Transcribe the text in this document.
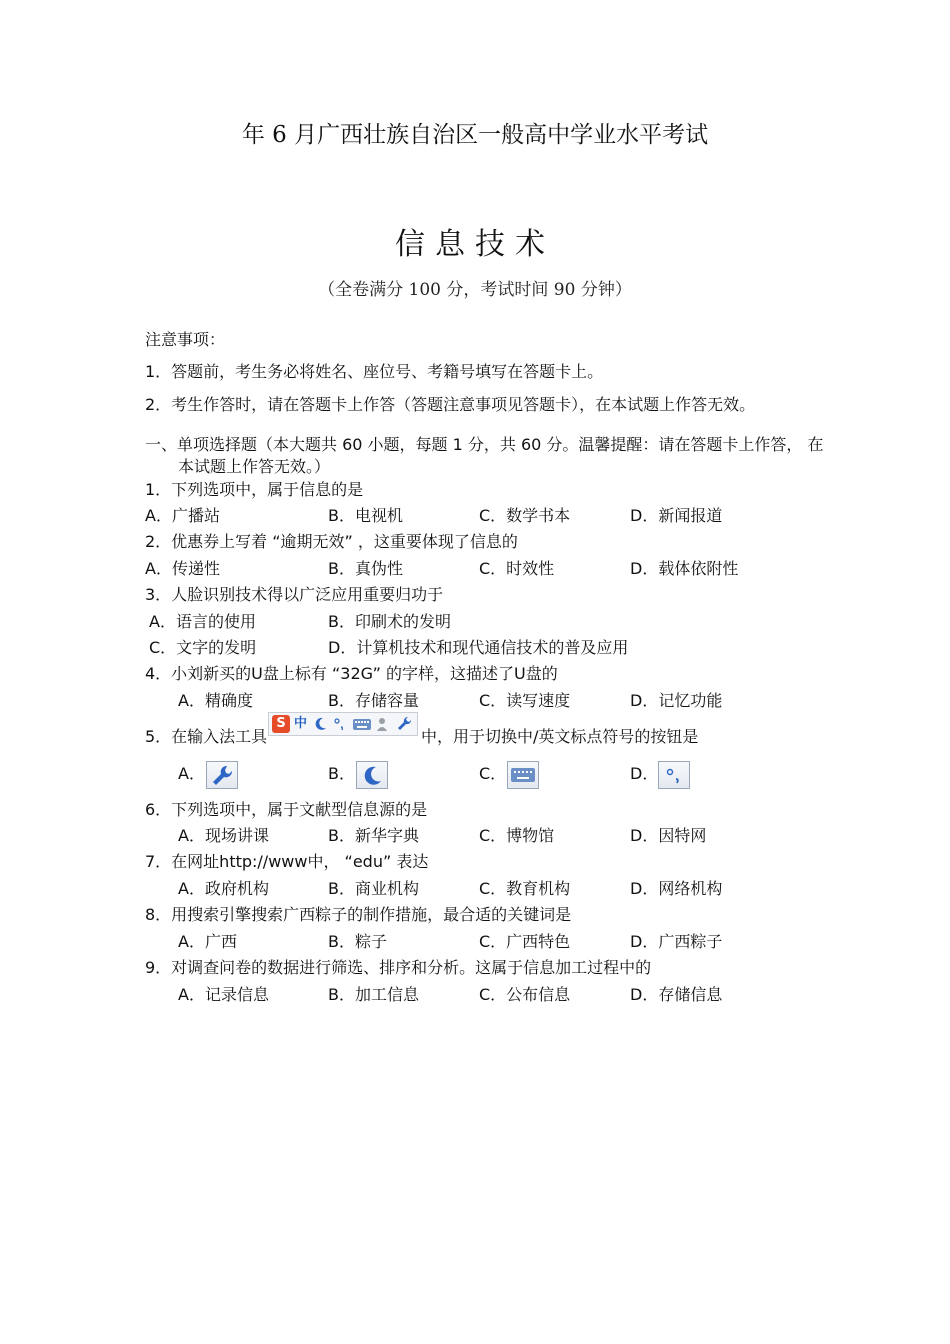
年 6 月广西壮族自治区一般高中学业水平考试
信息技术
（全卷满分 100 分，考试时间 90 分钟）
注意事项：
1．答题前，考生务必将姓名、座位号、考籍号填写在答题卡上。
2．考生作答时，请在答题卡上作答（答题注意事项见答题卡），在本试题上作答无效。
一、单项选择题（本大题共 60 小题，每题 1 分，共 60 分。温馨提醒：请在答题卡上作答， 在
本试题上作答无效。）
1．下列选项中，属于信息的是
A．广播站	B．电视机	C．数学书本	D．新闻报道
2．优惠券上写着 “逾期无效” ，这重要体现了信息的
A．传递性	B．真伪性	C．时效性	D．载体依附性
3．人脸识别技术得以广泛应用重要归功于
A．语言的使用	B．印刷术的发明
C．文字的发明	D．计算机技术和现代通信技术的普及应用
4．小刘新买的U盘上标有 “32G” 的字样，这描述了U盘的
A．精确度	B．存储容量	C．读写速度	D．记忆功能
5．在输入法工具
S 中
中，用于切换中/英文标点符号的按钮是
A．	B．	C．	D．
6．下列选项中，属于文献型信息源的是
A．现场讲课	B．新华字典	C．博物馆	D．因特网
7．在网址http://www中， “edu” 表达
A．政府机构	B．商业机构	C．教育机构	D．网络机构
8．用搜索引擎搜索广西粽子的制作措施，最合适的关键词是
A．广西	B．粽子	C．广西特色	D．广西粽子
9．对调查问卷的数据进行筛选、排序和分析。这属于信息加工过程中的
A．记录信息	B．加工信息	C．公布信息	D．存储信息
